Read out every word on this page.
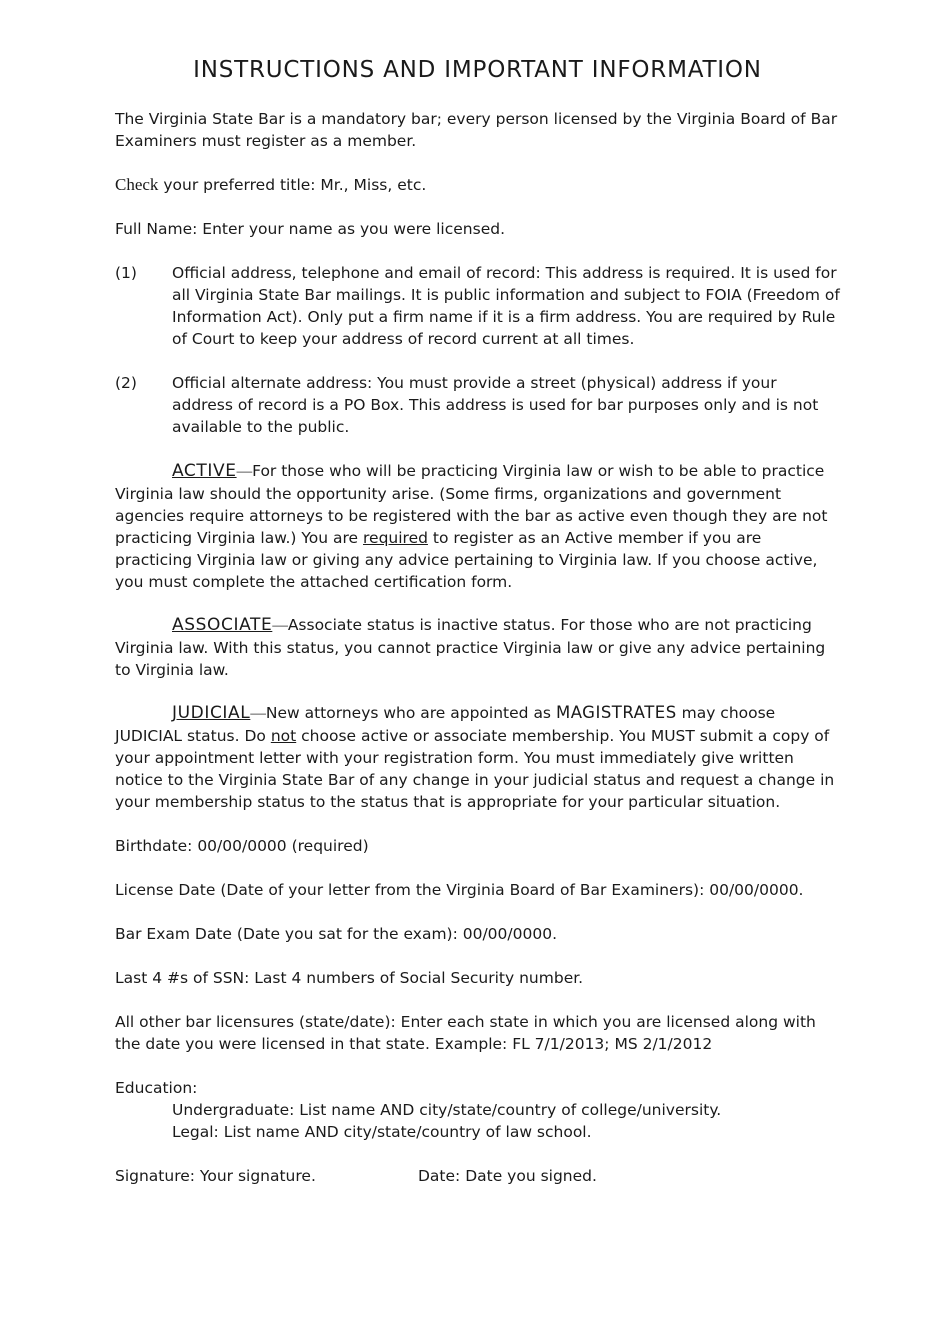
INSTRUCTIONS AND IMPORTANT INFORMATION

The Virginia State Bar is a mandatory bar; every person licensed by the Virginia Board of Bar Examiners must register as a member.

Check your preferred title: Mr., Miss, etc.

Full Name: Enter your name as you were licensed.

(1) Official address, telephone and email of record: This address is required. It is used for all Virginia State Bar mailings. It is public information and subject to FOIA (Freedom of Information Act). Only put a firm name if it is a firm address. You are required by Rule of Court to keep your address of record current at all times.

(2) Official alternate address: You must provide a street (physical) address if your address of record is a PO Box. This address is used for bar purposes only and is not available to the public.

ACTIVE—For those who will be practicing Virginia law or wish to be able to practice Virginia law should the opportunity arise. (Some firms, organizations and government agencies require attorneys to be registered with the bar as active even though they are not practicing Virginia law.) You are required to register as an Active member if you are practicing Virginia law or giving any advice pertaining to Virginia law. If you choose active, you must complete the attached certification form.

ASSOCIATE—Associate status is inactive status. For those who are not practicing Virginia law. With this status, you cannot practice Virginia law or give any advice pertaining to Virginia law.

JUDICIAL—New attorneys who are appointed as MAGISTRATES may choose JUDICIAL status. Do not choose active or associate membership. You MUST submit a copy of your appointment letter with your registration form. You must immediately give written notice to the Virginia State Bar of any change in your judicial status and request a change in your membership status to the status that is appropriate for your particular situation.

Birthdate: 00/00/0000 (required)

License Date (Date of your letter from the Virginia Board of Bar Examiners): 00/00/0000.

Bar Exam Date (Date you sat for the exam): 00/00/0000.

Last 4 #s of SSN: Last 4 numbers of Social Security number.

All other bar licensures (state/date): Enter each state in which you are licensed along with the date you were licensed in that state. Example: FL 7/1/2013; MS 2/1/2012

Education:

Undergraduate: List name AND city/state/country of college/university.

Legal: List name AND city/state/country of law school.

Signature: Your signature.	Date: Date you signed.
